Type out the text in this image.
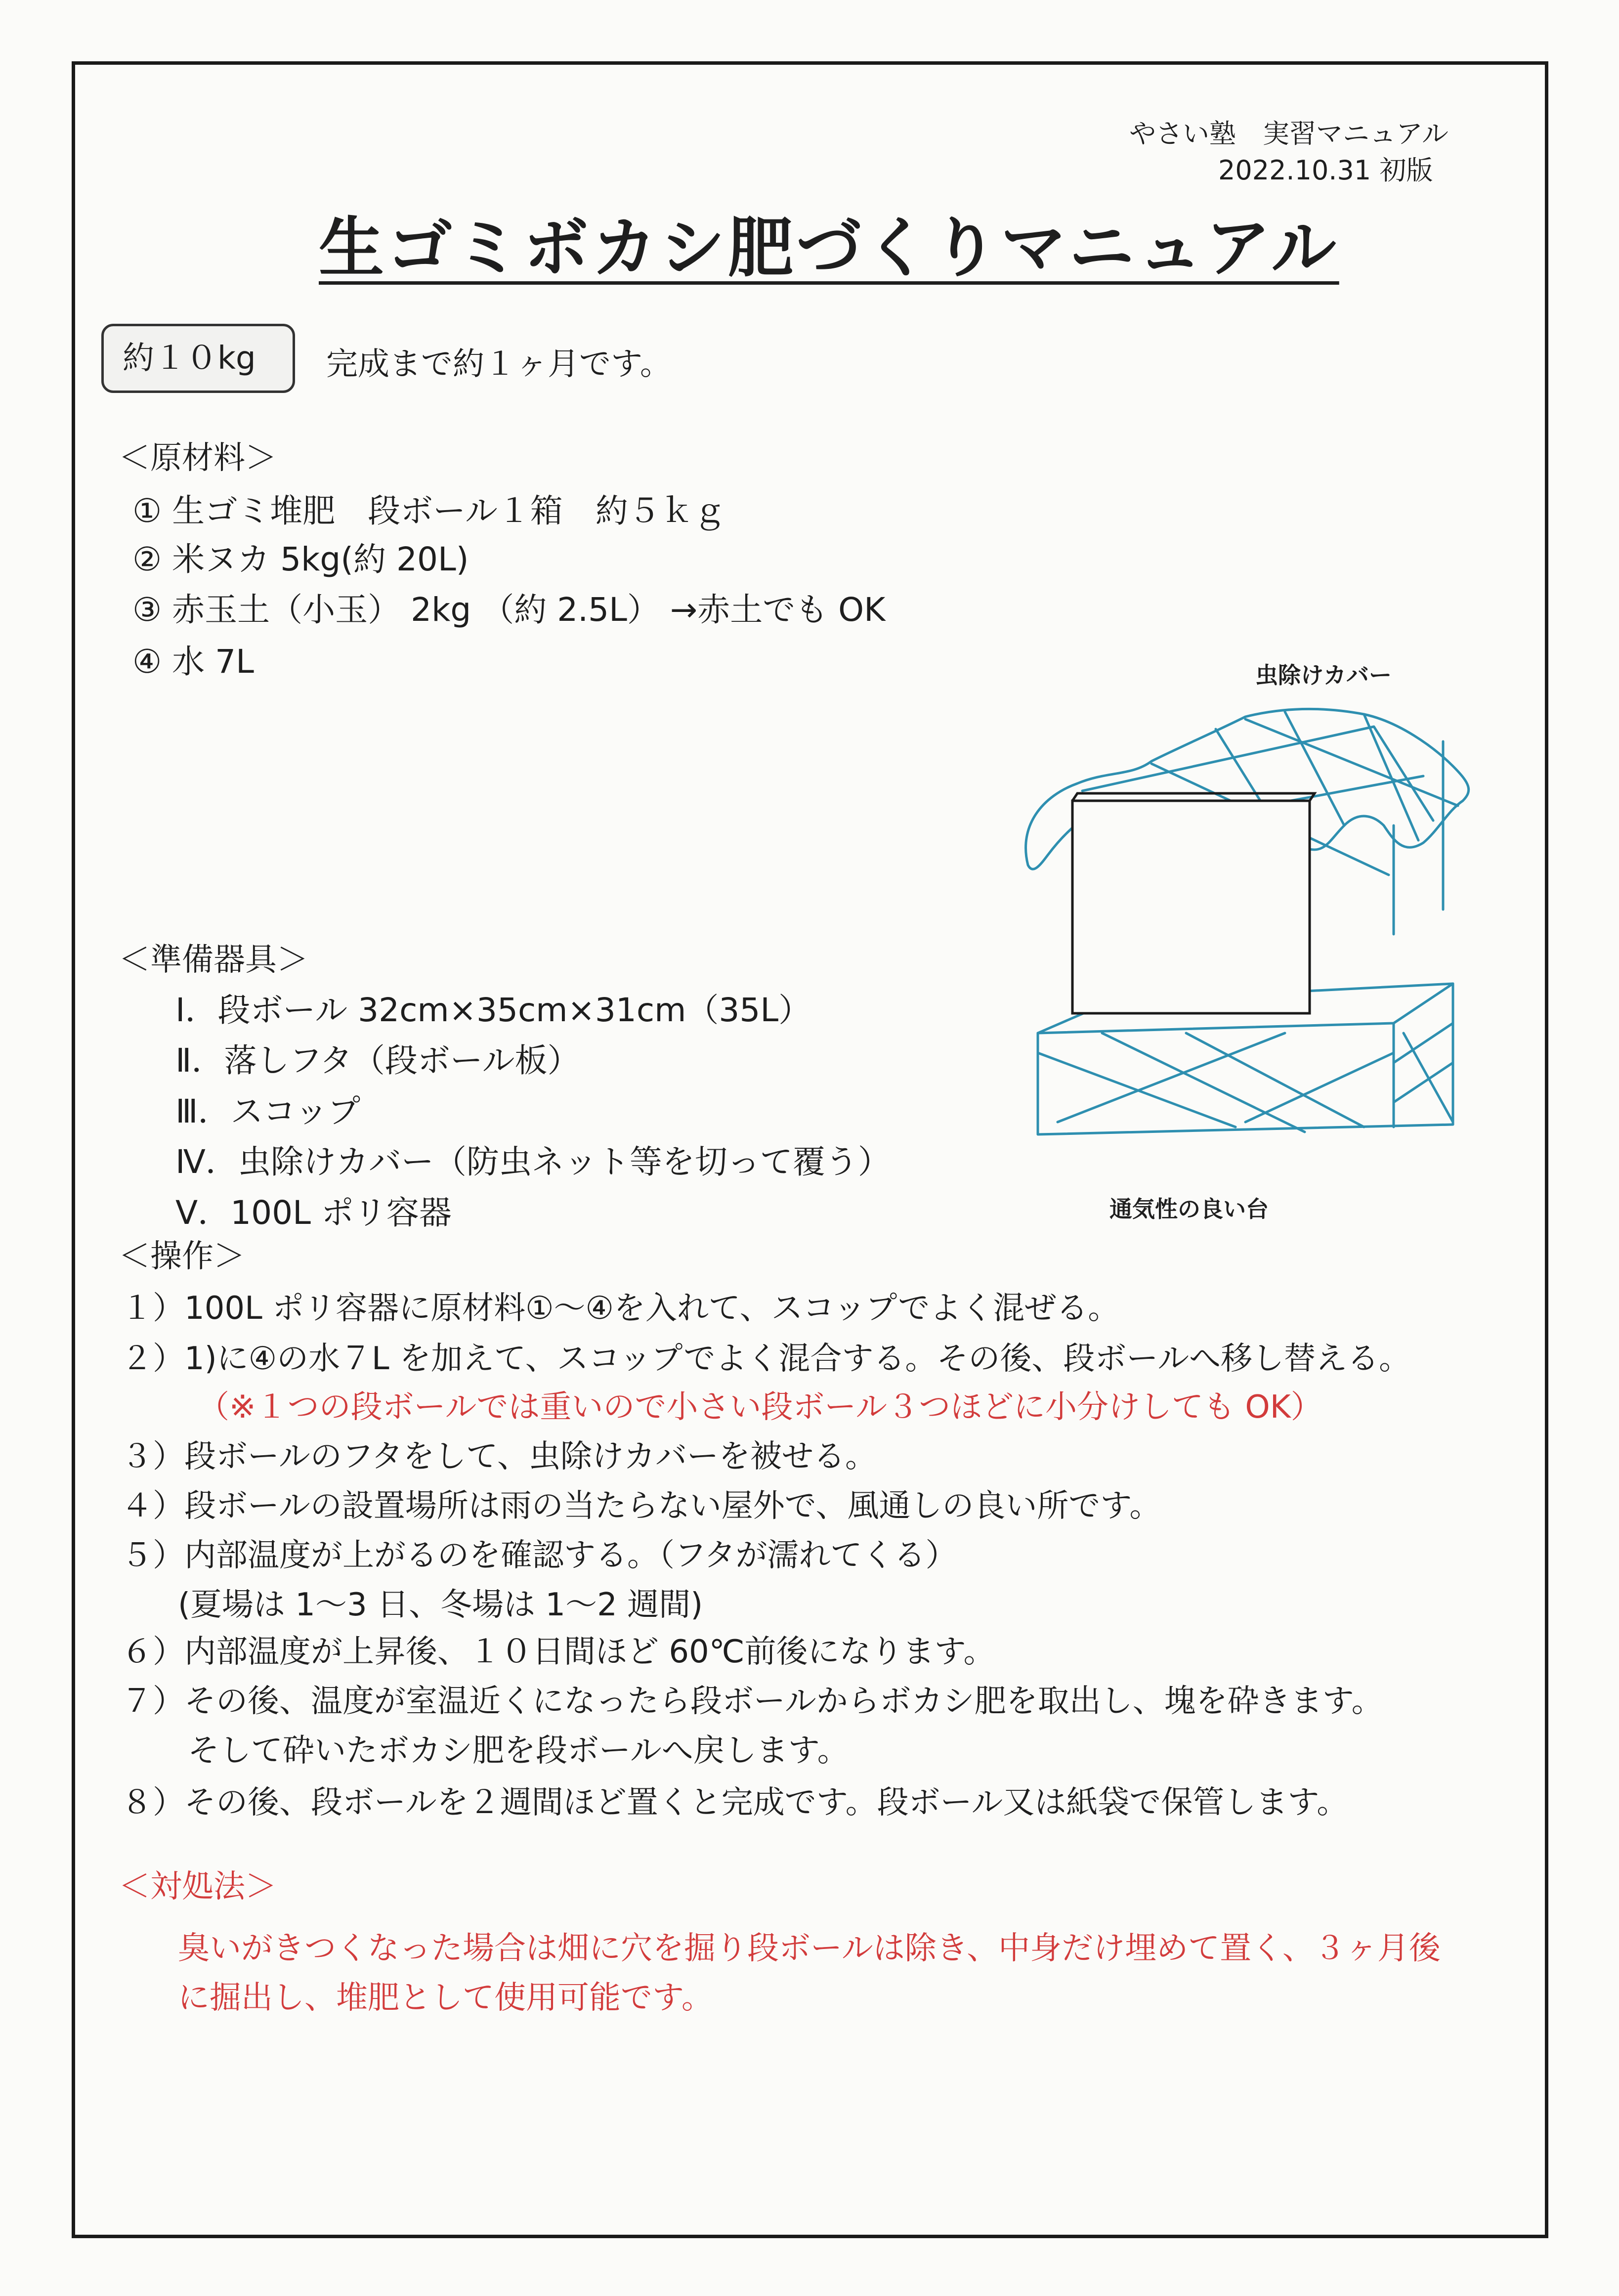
やさい塾　実習マニュアル
2022.10.31 初版
生ゴミボカシ肥づくりマニュアル
約１０kg	完成まで約１ヶ月です。
＜原材料＞
① 生ゴミ堆肥　段ボール１箱　約５ｋｇ
② 米ヌカ 5kg(約 20L)
③ 赤玉土（小玉） 2kg （約 2.5L） →赤土でも OK
④ 水 7L	虫除けカバー
通気性の良い台
＜準備器具＞
Ⅰ．段ボール 32cm×35cm×31cm（35L）
Ⅱ．落しフタ（段ボール板）
Ⅲ．スコップ
Ⅳ．虫除けカバー（防虫ネット等を切って覆う）
Ⅴ．100L ポリ容器
＜操作＞
１）100L ポリ容器に原材料①～④を入れて、スコップでよく混ぜる。
２）1)に④の水７L を加えて、スコップでよく混合する。その後、段ボールへ移し替える。
（※１つの段ボールでは重いので小さい段ボール３つほどに小分けしても OK）
３）段ボールのフタをして、虫除けカバーを被せる。
４）段ボールの設置場所は雨の当たらない屋外で、風通しの良い所です。
５）内部温度が上がるのを確認する。（フタが濡れてくる）
(夏場は 1～3 日、冬場は 1～2 週間)
６）内部温度が上昇後、１０日間ほど 60℃前後になります。
７）その後、温度が室温近くになったら段ボールからボカシ肥を取出し、塊を砕きます。
そして砕いたボカシ肥を段ボールへ戻します。
８）その後、段ボールを２週間ほど置くと完成です。段ボール又は紙袋で保管します。
＜対処法＞
臭いがきつくなった場合は畑に穴を掘り段ボールは除き、中身だけ埋めて置く、３ヶ月後
に掘出し、堆肥として使用可能です。
